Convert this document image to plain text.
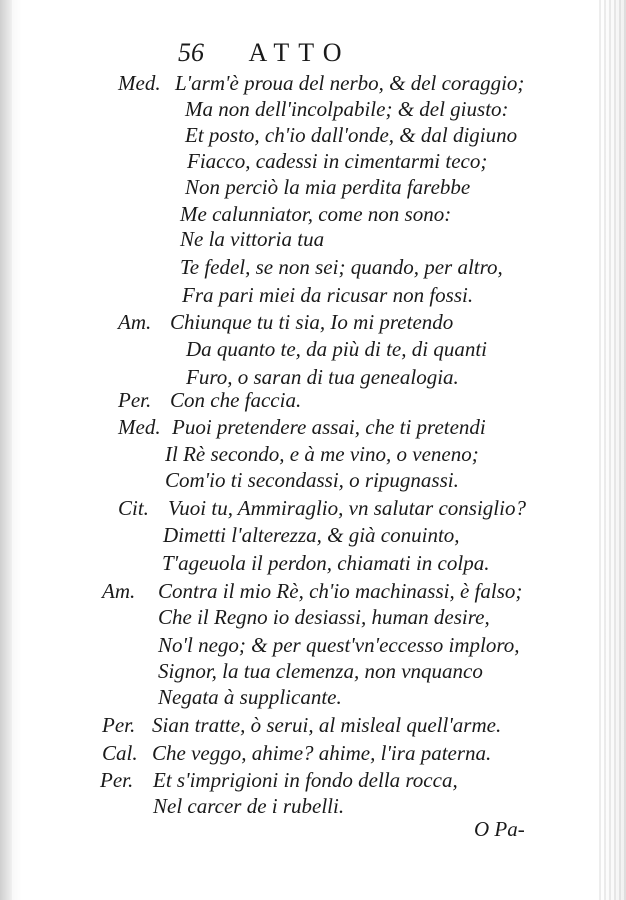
56 ATTO
Med. L'arm'è proua del nerbo, & del coraggio;
Ma non dell'incolpabile; & del giusto:
Et posto, ch'io dall'onde, & dal digiuno
Fiacco, cadessi in cimentarmi teco;
Non perciò la mia perdita farebbe
Me calunniator, come non sono:
Ne la vittoria tua
Te fedel, se non sei; quando, per altro,
Fra pari miei da ricusar non fossi.
Am. Chiunque tu ti sia, Io mi pretendo
Da quanto te, da più di te, di quanti
Furo, o saran di tua genealogia.
Per. Con che faccia.
Med. Puoi pretendere assai, che ti pretendi
Il Rè secondo, e à me vino, o veneno;
Com'io ti secondassi, o ripugnassi.
Cit. Vuoi tu, Ammiraglio, vn salutar consiglio?
Dimetti l'alterezza, & già conuinto,
T'ageuola il perdon, chiamati in colpa.
Am. Contra il mio Rè, ch'io machinassi, è falso;
Che il Regno io desiassi, human desire,
No'l nego; & per quest'vn'eccesso imploro,
Signor, la tua clemenza, non vnquanco
Negata à supplicante.
Per. Sian tratte, ò serui, al misleal quell'arme.
Cal. Che veggo, ahime? ahime, l'ira paterna.
Per. Et s'imprigioni in fondo della rocca,
Nel carcer de i rubelli.
O Pa-
